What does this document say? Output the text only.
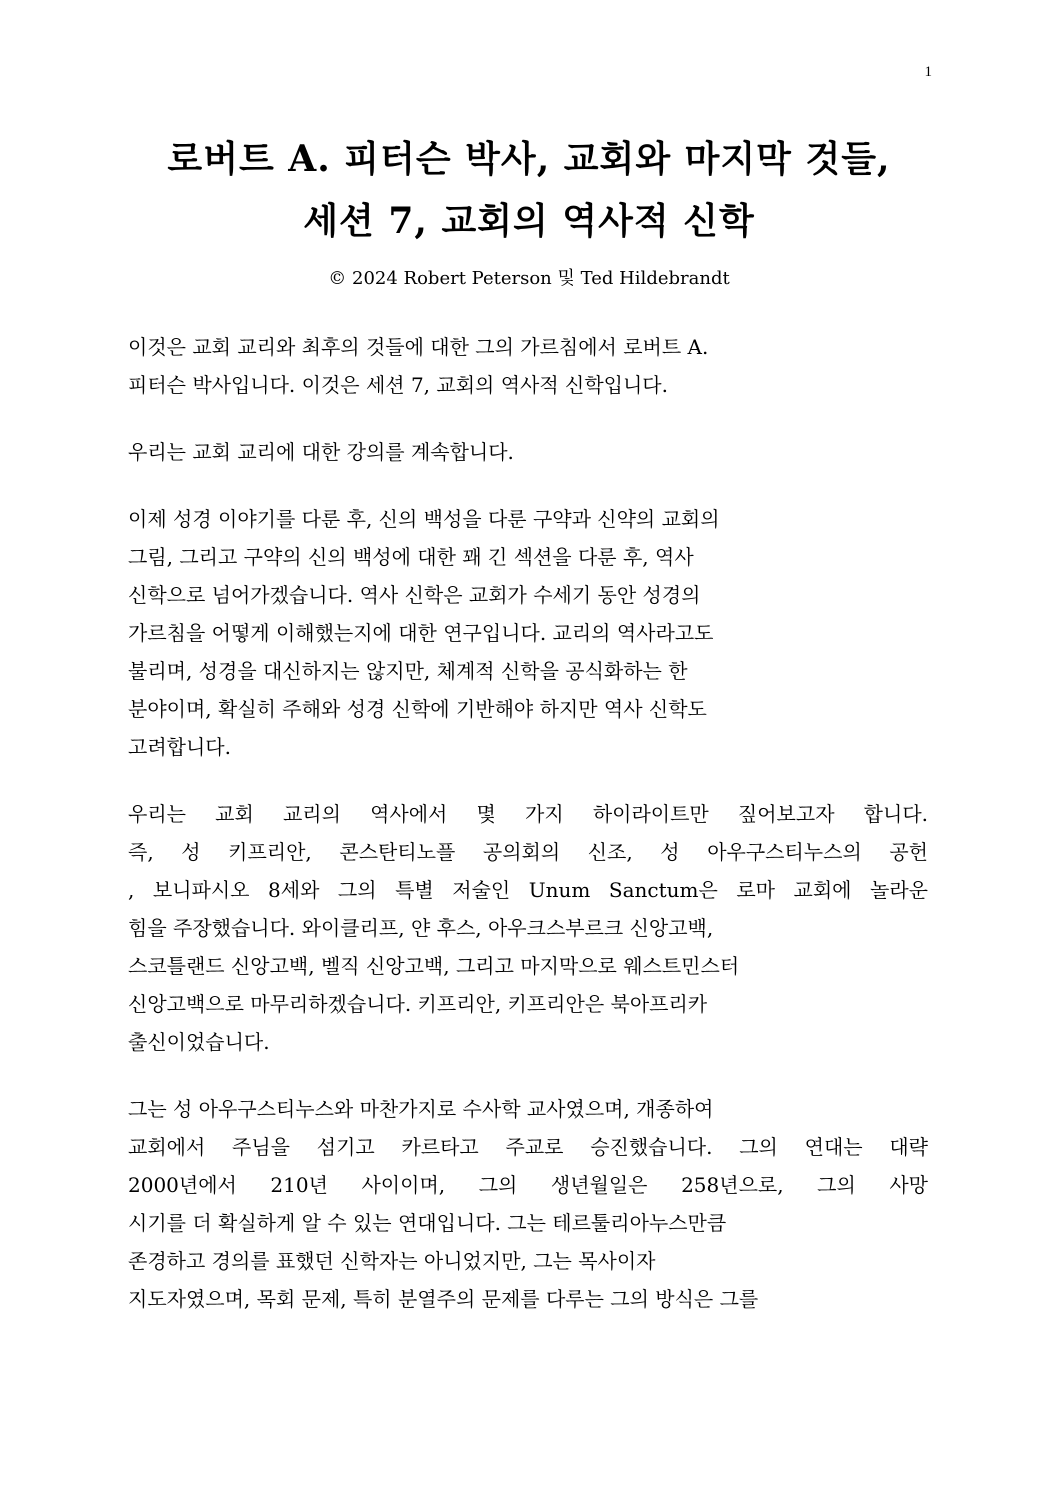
1
로버트 A. 피터슨 박사, 교회와 마지막 것들,
세션 7, 교회의 역사적 신학
© 2024 Robert Peterson 및 Ted Hildebrandt

이것은 교회 교리와 최후의 것들에 대한 그의 가르침에서 로버트 A.
피터슨 박사입니다. 이것은 세션 7, 교회의 역사적 신학입니다.

우리는 교회 교리에 대한 강의를 계속합니다.

이제 성경 이야기를 다룬 후, 신의 백성을 다룬 구약과 신약의 교회의
그림, 그리고 구약의 신의 백성에 대한 꽤 긴 섹션을 다룬 후, 역사
신학으로 넘어가겠습니다. 역사 신학은 교회가 수세기 동안 성경의
가르침을 어떻게 이해했는지에 대한 연구입니다. 교리의 역사라고도
불리며, 성경을 대신하지는 않지만, 체계적 신학을 공식화하는 한
분야이며, 확실히 주해와 성경 신학에 기반해야 하지만 역사 신학도
고려합니다.

우리는 교회 교리의 역사에서 몇 가지 하이라이트만 짚어보고자 합니다.
즉, 성 키프리안, 콘스탄티노플 공의회의 신조, 성 아우구스티누스의 공헌
, 보니파시오 8세와 그의 특별 저술인 Unum Sanctum은 로마 교회에 놀라운
힘을 주장했습니다. 와이클리프, 얀 후스, 아우크스부르크 신앙고백,
스코틀랜드 신앙고백, 벨직 신앙고백, 그리고 마지막으로 웨스트민스터
신앙고백으로 마무리하겠습니다. 키프리안, 키프리안은 북아프리카
출신이었습니다.

그는 성 아우구스티누스와 마찬가지로 수사학 교사였으며, 개종하여
교회에서 주님을 섬기고 카르타고 주교로 승진했습니다. 그의 연대는 대략
2000년에서 210년 사이이며, 그의 생년월일은 258년으로, 그의 사망
시기를 더 확실하게 알 수 있는 연대입니다. 그는 테르툴리아누스만큼
존경하고 경의를 표했던 신학자는 아니었지만, 그는 목사이자
지도자였으며, 목회 문제, 특히 분열주의 문제를 다루는 그의 방식은 그를
